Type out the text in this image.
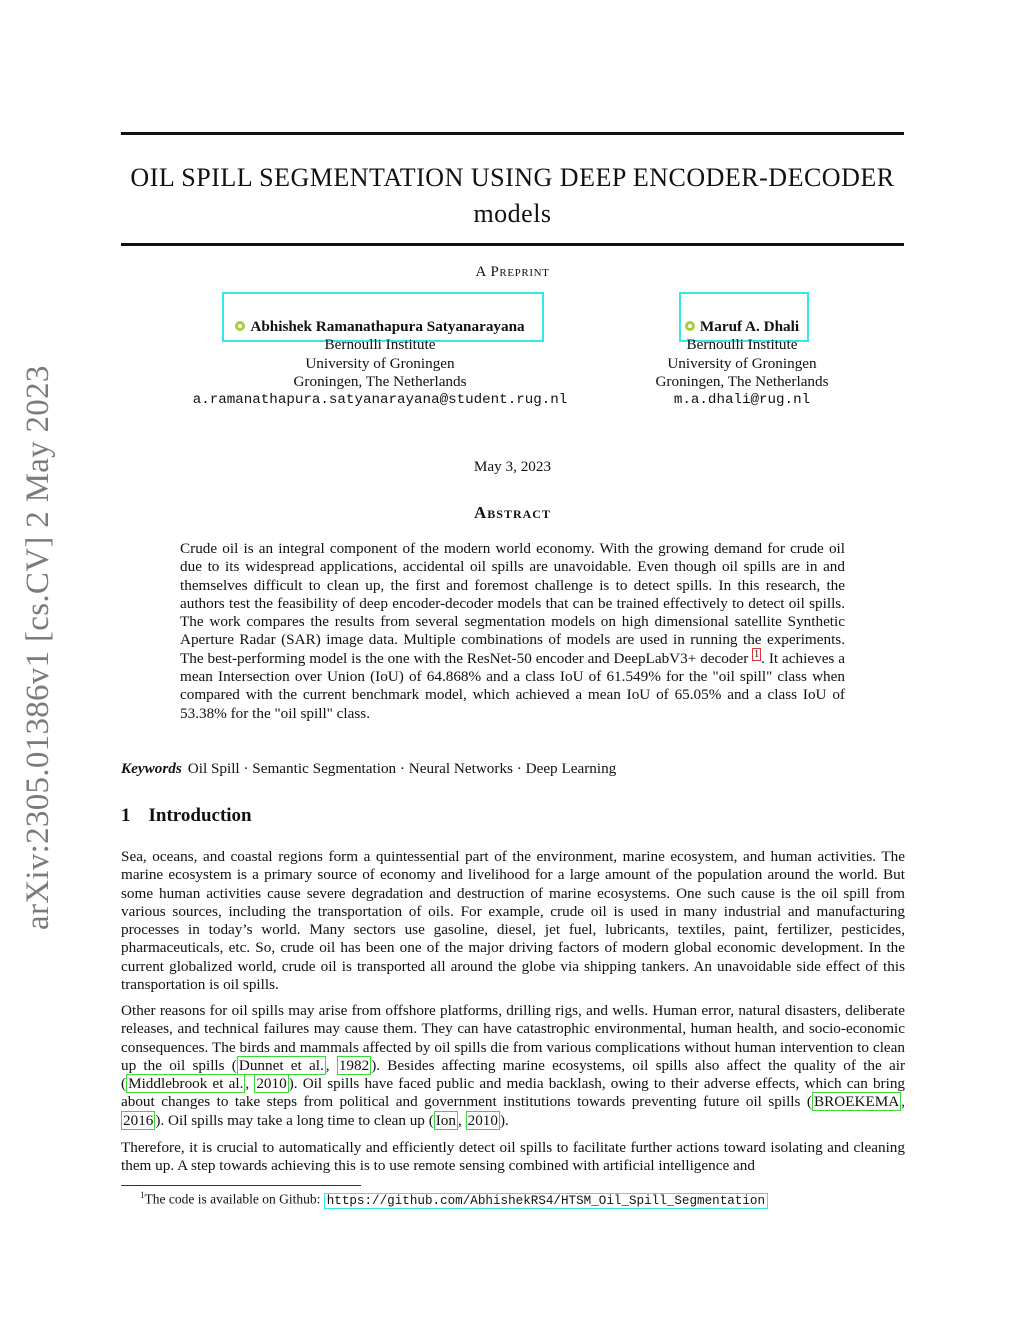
arXiv:2305.01386v1 [cs.CV] 2 May 2023
OIL SPILL SEGMENTATION USING DEEP ENCODER-DECODER
models
A Preprint
Abhishek Ramanathapura Satyanarayana
Bernoulli Institute
University of Groningen
Groningen, The Netherlands
a.ramanathapura.satyanarayana@student.rug.nl
Maruf A. Dhali
Bernoulli Institute
University of Groningen
Groningen, The Netherlands
m.a.dhali@rug.nl
May 3, 2023
Abstract
Crude oil is an integral component of the modern world economy. With the growing demand for crude oil due to its widespread applications, accidental oil spills are unavoidable. Even though oil spills are in and themselves difficult to clean up, the first and foremost challenge is to detect spills. In this research, the authors test the feasibility of deep encoder-decoder models that can be trained effectively to detect oil spills. The work compares the results from several segmentation models on high dimensional satellite Synthetic Aperture Radar (SAR) image data. Multiple combinations of models are used in running the experiments. The best-performing model is the one with the ResNet-50 encoder and DeepLabV3+ decoder $^1$ . It achieves a mean Intersection over Union (IoU) of 64.868% and a class IoU of 61.549% for the "oil spill" class when compared with the current benchmark model, which achieved a mean IoU of 65.05% and a class IoU of 53.38% for the "oil spill" class.
Keywords Oil Spill · Semantic Segmentation · Neural Networks · Deep Learning
1 Introduction
Sea, oceans, and coastal regions form a quintessential part of the environment, marine ecosystem, and human activities. The marine ecosystem is a primary source of economy and livelihood for a large amount of the population around the world. But some human activities cause severe degradation and destruction of marine ecosystems. One such cause is the oil spill from various sources, including the transportation of oils. For example, crude oil is used in many industrial and manufacturing processes in today’s world. Many sectors use gasoline, diesel, jet fuel, lubricants, textiles, paint, fertilizer, pesticides, pharmaceuticals, etc. So, crude oil has been one of the major driving factors of modern global economic development. In the current globalized world, crude oil is transported all around the globe via shipping tankers. An unavoidable side effect of this transportation is oil spills.
Other reasons for oil spills may arise from offshore platforms, drilling rigs, and wells. Human error, natural disasters, deliberate releases, and technical failures may cause them. They can have catastrophic environmental, human health, and socio-economic consequences. The birds and mammals affected by oil spills die from various complications without human intervention to clean up the oil spills ( Dunnet et al. , 1982 ). Besides affecting marine ecosystems, oil spills also affect the quality of the air ( Middlebrook et al. , 2010 ). Oil spills have faced public and media backlash, owing to their adverse effects, which can bring about changes to take steps from political and government institutions towards preventing future oil spills ( BROEKEMA , 2016 ). Oil spills may take a long time to clean up ( Ion , 2010 ).
Therefore, it is crucial to automatically and efficiently detect oil spills to facilitate further actions toward isolating and cleaning them up. A step towards achieving this is to use remote sensing combined with artificial intelligence and
$^1$The code is available on Github: https://github.com/AbhishekRS4/HTSM_Oil_Spill_Segmentation
